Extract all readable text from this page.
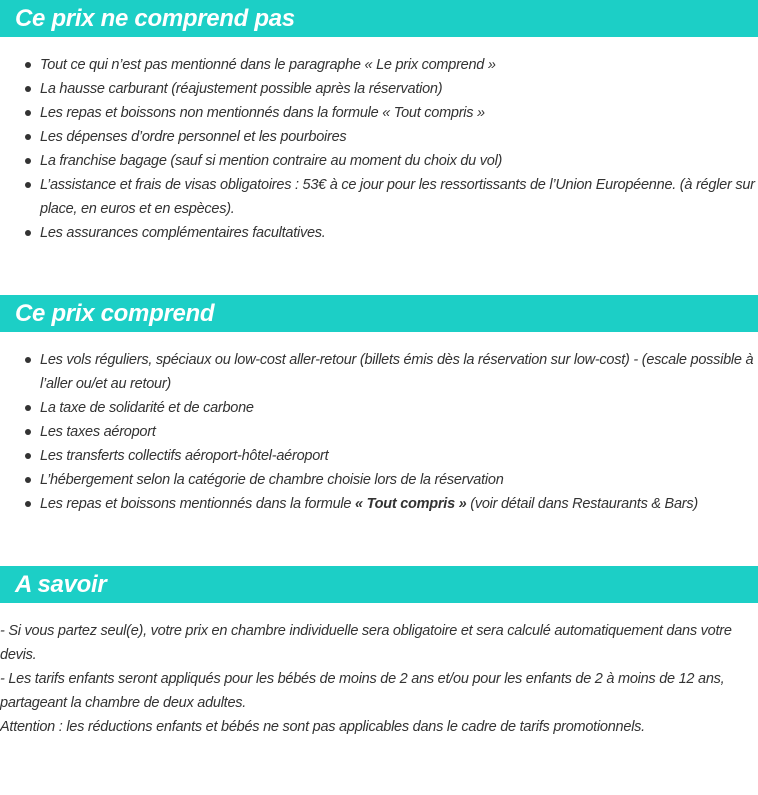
Ce prix ne comprend pas
Tout ce qui n’est pas mentionné dans le paragraphe « Le prix comprend »
La hausse carburant (réajustement possible après la réservation)
Les repas et boissons non mentionnés dans la formule « Tout compris »
Les dépenses d’ordre personnel et les pourboires
La franchise bagage (sauf si mention contraire au moment du choix du vol)
L’assistance et frais de visas obligatoires : 53€ à ce jour pour les ressortissants de l’Union Européenne. (à régler sur place, en euros et en espèces).
Les assurances complémentaires facultatives.
Ce prix comprend
Les vols réguliers, spéciaux ou low-cost aller-retour (billets émis dès la réservation sur low-cost) - (escale possible à l’aller ou/et au retour)
La taxe de solidarité et de carbone
Les taxes aéroport
Les transferts collectifs aéroport-hôtel-aéroport
L’hébergement selon la catégorie de chambre choisie lors de la réservation
Les repas et boissons mentionnés dans la formule « Tout compris » (voir détail dans Restaurants & Bars)
A savoir

- Si vous partez seul(e), votre prix en chambre individuelle sera obligatoire et sera calculé automatiquement dans votre devis.

- Les tarifs enfants seront appliqués pour les bébés de moins de 2 ans et/ou pour les enfants de 2 à moins de 12 ans, partageant la chambre de deux adultes.

Attention : les réductions enfants et bébés ne sont pas applicables dans le cadre de tarifs promotionnels.
